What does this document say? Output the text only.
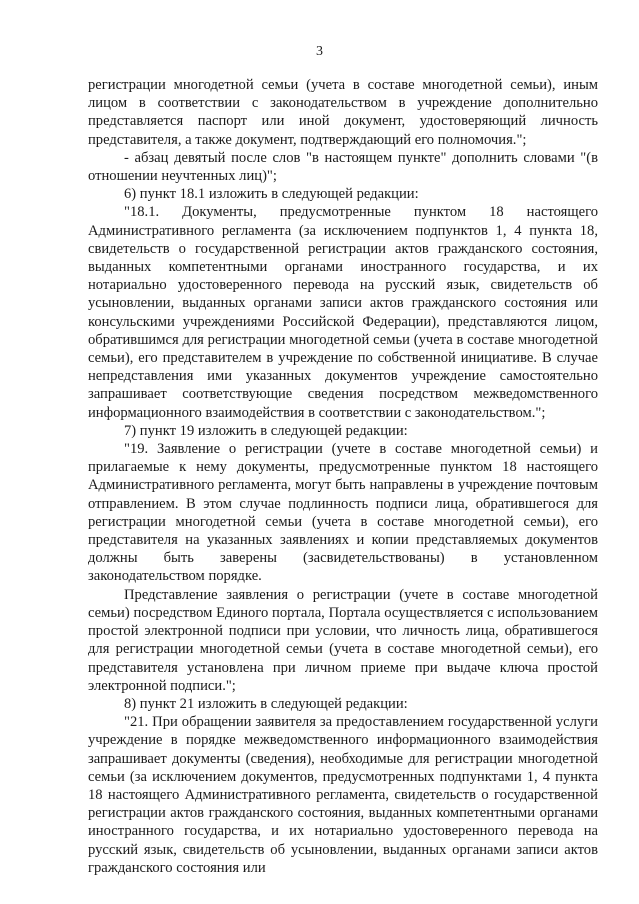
3

регистрации многодетной семьи (учета в составе многодетной семьи), иным лицом в соответствии с законодательством в учреждение дополнительно представляется паспорт или иной документ, удостоверяющий личность представителя, а также документ, подтверждающий его полномочия.";

- абзац девятый после слов "в настоящем пункте" дополнить словами "(в отношении неучтенных лиц)";

6) пункт 18.1 изложить в следующей редакции:

"18.1. Документы, предусмотренные пунктом 18 настоящего Административного регламента (за исключением подпунктов 1, 4 пункта 18, свидетельств о государственной регистрации актов гражданского состояния, выданных компетентными органами иностранного государства, и их нотариально удостоверенного перевода на русский язык, свидетельств об усыновлении, выданных органами записи актов гражданского состояния или консульскими учреждениями Российской Федерации), представляются лицом, обратившимся для регистрации многодетной семьи (учета в составе многодетной семьи), его представителем в учреждение по собственной инициативе. В случае непредставления ими указанных документов учреждение самостоятельно запрашивает соответствующие сведения посредством межведомственного информационного взаимодействия в соответствии с законодательством.";

7) пункт 19 изложить в следующей редакции:

"19. Заявление о регистрации (учете в составе многодетной семьи) и прилагаемые к нему документы, предусмотренные пунктом 18 настоящего Административного регламента, могут быть направлены в учреждение почтовым отправлением. В этом случае подлинность подписи лица, обратившегося для регистрации многодетной семьи (учета в составе многодетной семьи), его представителя на указанных заявлениях и копии представляемых документов должны быть заверены (засвидетельствованы) в установленном законодательством порядке.

Представление заявления о регистрации (учете в составе многодетной семьи) посредством Единого портала, Портала осуществляется с использованием простой электронной подписи при условии, что личность лица, обратившегося для регистрации многодетной семьи (учета в составе многодетной семьи), его представителя установлена при личном приеме при выдаче ключа простой электронной подписи.";

8) пункт 21 изложить в следующей редакции:

"21. При обращении заявителя за предоставлением государственной услуги учреждение в порядке межведомственного информационного взаимодействия запрашивает документы (сведения), необходимые для регистрации многодетной семьи (за исключением документов, предусмотренных подпунктами 1, 4 пункта 18 настоящего Административного регламента, свидетельств о государственной регистрации актов гражданского состояния, выданных компетентными органами иностранного государства, и их нотариально удостоверенного перевода на русский язык, свидетельств об усыновлении, выданных органами записи актов гражданского состояния или
